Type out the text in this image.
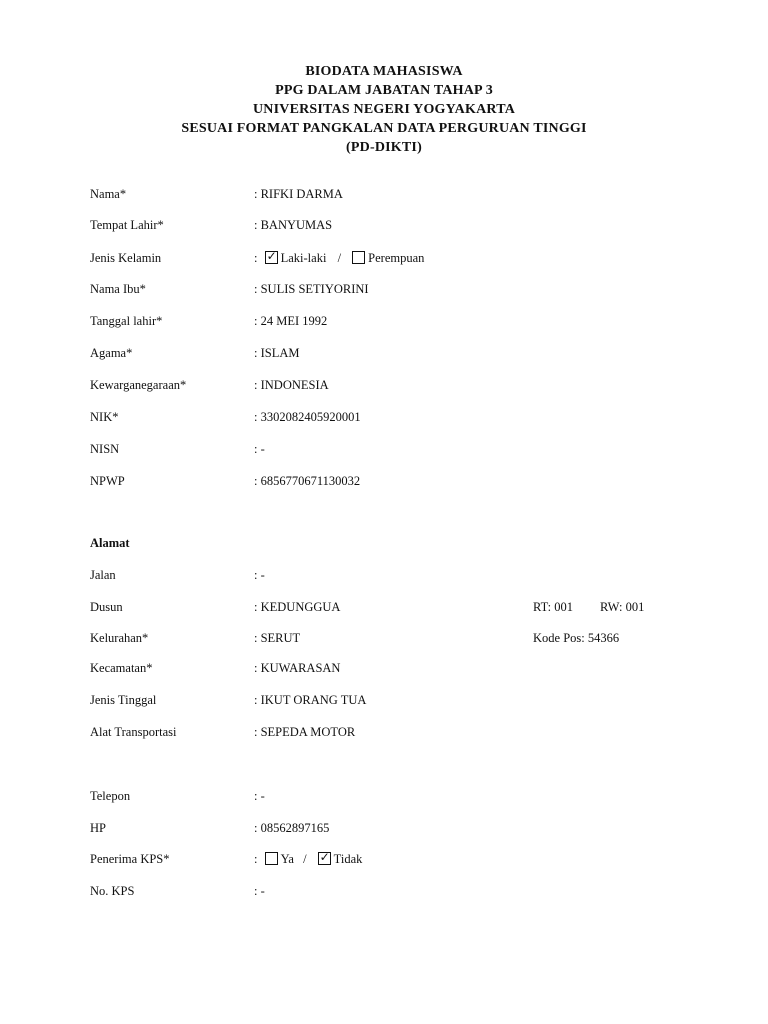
BIODATA MAHASISWA
PPG DALAM JABATAN TAHAP 3
UNIVERSITAS NEGERI YOGYAKARTA
SESUAI FORMAT PANGKALAN DATA PERGURUAN TINGGI
(PD-DIKTI)
Nama*	: RIFKI DARMA
Tempat Lahir*	: BANYUMAS
Jenis Kelamin	: ✓ Laki-laki / Perempuan
Nama Ibu*	: SULIS SETIYORINI
Tanggal lahir*	: 24 MEI 1992
Agama*	: ISLAM
Kewarganegaraan*	: INDONESIA
NIK*	: 3302082405920001
NISN	: -
NPWP	: 6856770671130032
Alamat
Jalan	: -
Dusun	: KEDUNGGUA	RT: 001 RW: 001
Kelurahan*	: SERUT	Kode Pos: 54366
Kecamatan*	: KUWARASAN
Jenis Tinggal	: IKUT ORANG TUA
Alat Transportasi	: SEPEDA MOTOR
Telepon	: -
HP	: 08562897165
Penerima KPS*	: Ya / ✓ Tidak
No. KPS	: -
